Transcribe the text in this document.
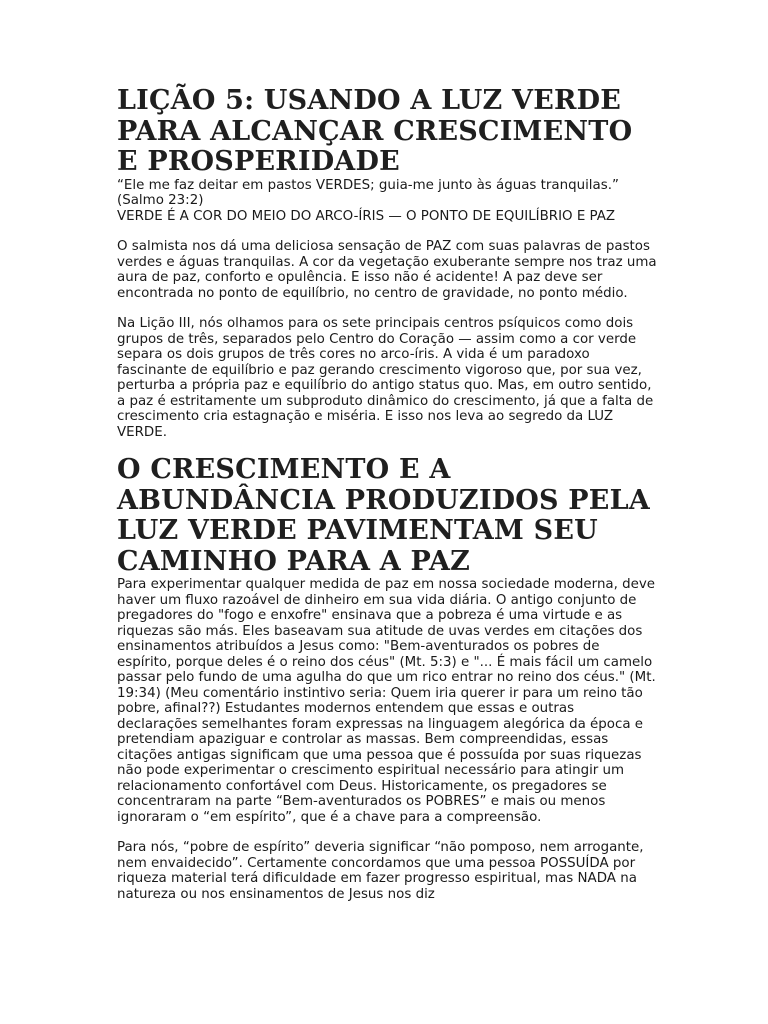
LIÇÃO 5: USANDO A LUZ VERDE PARA ALCANÇAR CRESCIMENTO E PROSPERIDADE

“Ele me faz deitar em pastos VERDES; guia-me junto às águas tranquilas.” (Salmo 23:2)

VERDE É A COR DO MEIO DO ARCO-ÍRIS — O PONTO DE EQUILÍBRIO E PAZ

O salmista nos dá uma deliciosa sensação de PAZ com suas palavras de pastos verdes e águas tranquilas. A cor da vegetação exuberante sempre nos traz uma aura de paz, conforto e opulência. E isso não é acidente! A paz deve ser encontrada no ponto de equilíbrio, no centro de gravidade, no ponto médio.

Na Lição III, nós olhamos para os sete principais centros psíquicos como dois grupos de três, separados pelo Centro do Coração — assim como a cor verde separa os dois grupos de três cores no arco-íris. A vida é um paradoxo fascinante de equilíbrio e paz gerando crescimento vigoroso que, por sua vez, perturba a própria paz e equilíbrio do antigo status quo. Mas, em outro sentido, a paz é estritamente um subproduto dinâmico do crescimento, já que a falta de crescimento cria estagnação e miséria. E isso nos leva ao segredo da LUZ VERDE.

O CRESCIMENTO E A ABUNDÂNCIA PRODUZIDOS PELA LUZ VERDE PAVIMENTAM SEU CAMINHO PARA A PAZ

Para experimentar qualquer medida de paz em nossa sociedade moderna, deve haver um fluxo razoável de dinheiro em sua vida diária. O antigo conjunto de pregadores do "fogo e enxofre" ensinava que a pobreza é uma virtude e as riquezas são más. Eles baseavam sua atitude de uvas verdes em citações dos ensinamentos atribuídos a Jesus como: "Bem-aventurados os pobres de espírito, porque deles é o reino dos céus" (Mt. 5:3) e "... É mais fácil um camelo passar pelo fundo de uma agulha do que um rico entrar no reino dos céus." (Mt. 19:34) (Meu comentário instintivo seria: Quem iria querer ir para um reino tão pobre, afinal??) Estudantes modernos entendem que essas e outras declarações semelhantes foram expressas na linguagem alegórica da época e pretendiam apaziguar e controlar as massas. Bem compreendidas, essas citações antigas significam que uma pessoa que é possuída por suas riquezas não pode experimentar o crescimento espiritual necessário para atingir um relacionamento confortável com Deus. Historicamente, os pregadores se concentraram na parte “Bem-aventurados os POBRES” e mais ou menos ignoraram o “em espírito”, que é a chave para a compreensão.

Para nós, “pobre de espírito” deveria significar “não pomposo, nem arrogante, nem envaidecido”. Certamente concordamos que uma pessoa POSSUÍDA por riqueza material terá dificuldade em fazer progresso espiritual, mas NADA na natureza ou nos ensinamentos de Jesus nos diz
